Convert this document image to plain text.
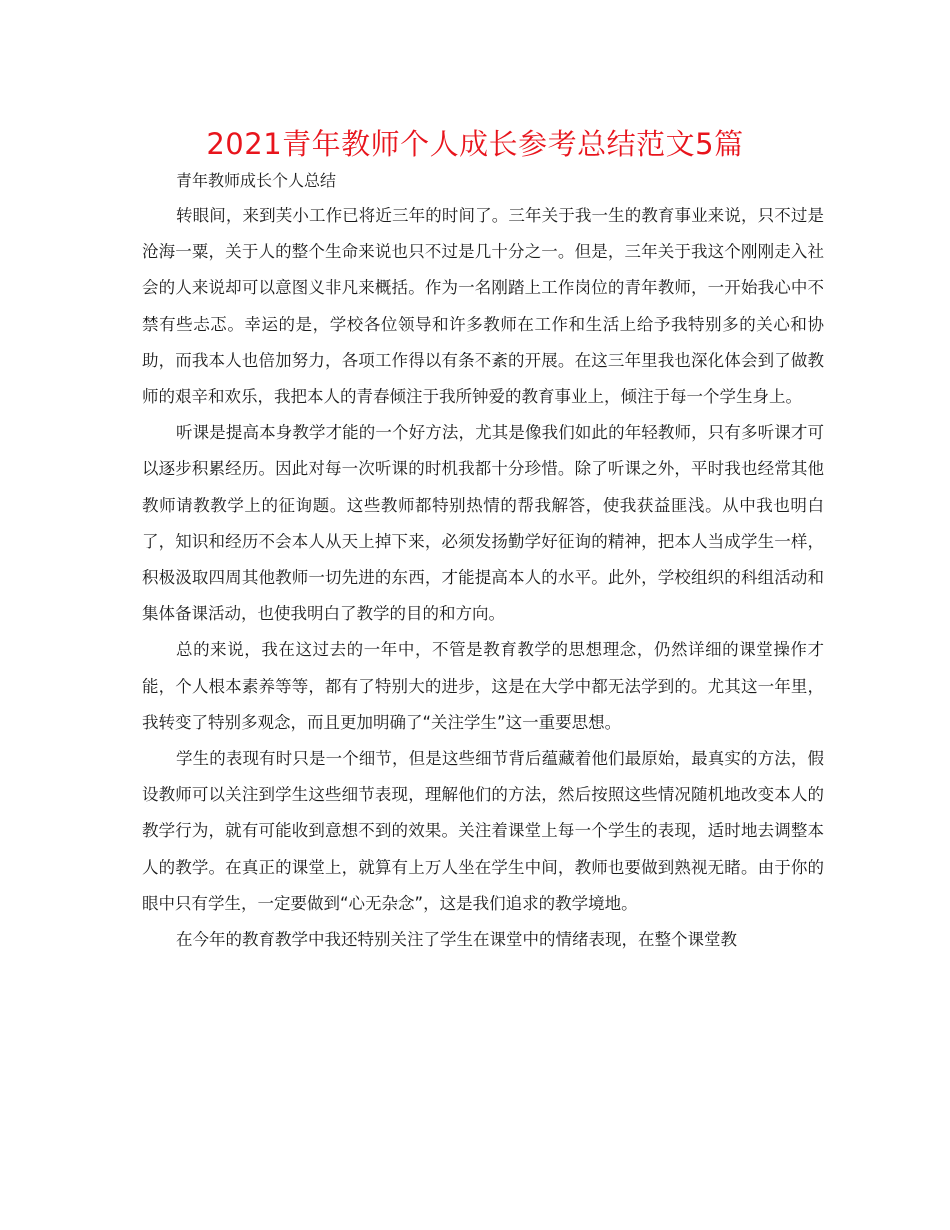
2021青年教师个人成长参考总结范文5篇
青年教师成长个人总结

转眼间，来到芙小工作已将近三年的时间了。三年关于我一生的教育事业来说，只不过是沧海一粟，关于人的整个生命来说也只不过是几十分之一。但是，三年关于我这个刚刚走入社会的人来说却可以意图义非凡来概括。作为一名刚踏上工作岗位的青年教师，一开始我心中不禁有些忐忑。幸运的是，学校各位领导和许多教师在工作和生活上给予我特别多的关心和协助，而我本人也倍加努力，各项工作得以有条不紊的开展。在这三年里我也深化体会到了做教师的艰辛和欢乐，我把本人的青春倾注于我所钟爱的教育事业上，倾注于每一个学生身上。

听课是提高本身教学才能的一个好方法，尤其是像我们如此的年轻教师，只有多听课才可以逐步积累经历。因此对每一次听课的时机我都十分珍惜。除了听课之外，平时我也经常其他教师请教教学上的征询题。这些教师都特别热情的帮我解答，使我获益匪浅。从中我也明白了，知识和经历不会本人从天上掉下来，必须发扬勤学好征询的精神，把本人当成学生一样，积极汲取四周其他教师一切先进的东西，才能提高本人的水平。此外，学校组织的科组活动和集体备课活动，也使我明白了教学的目的和方向。

总的来说，我在这过去的一年中，不管是教育教学的思想理念，仍然详细的课堂操作才能，个人根本素养等等，都有了特别大的进步，这是在大学中都无法学到的。尤其这一年里，我转变了特别多观念，而且更加明确了“关注学生”这一重要思想。

学生的表现有时只是一个细节，但是这些细节背后蕴藏着他们最原始，最真实的方法，假设教师可以关注到学生这些细节表现，理解他们的方法，然后按照这些情况随机地改变本人的教学行为，就有可能收到意想不到的效果。关注着课堂上每一个学生的表现，适时地去调整本人的教学。在真正的课堂上，就算有上万人坐在学生中间，教师也要做到熟视无睹。由于你的眼中只有学生，一定要做到“心无杂念”，这是我们追求的教学境地。

在今年的教育教学中我还特别关注了学生在课堂中的情绪表现，在整个课堂教
